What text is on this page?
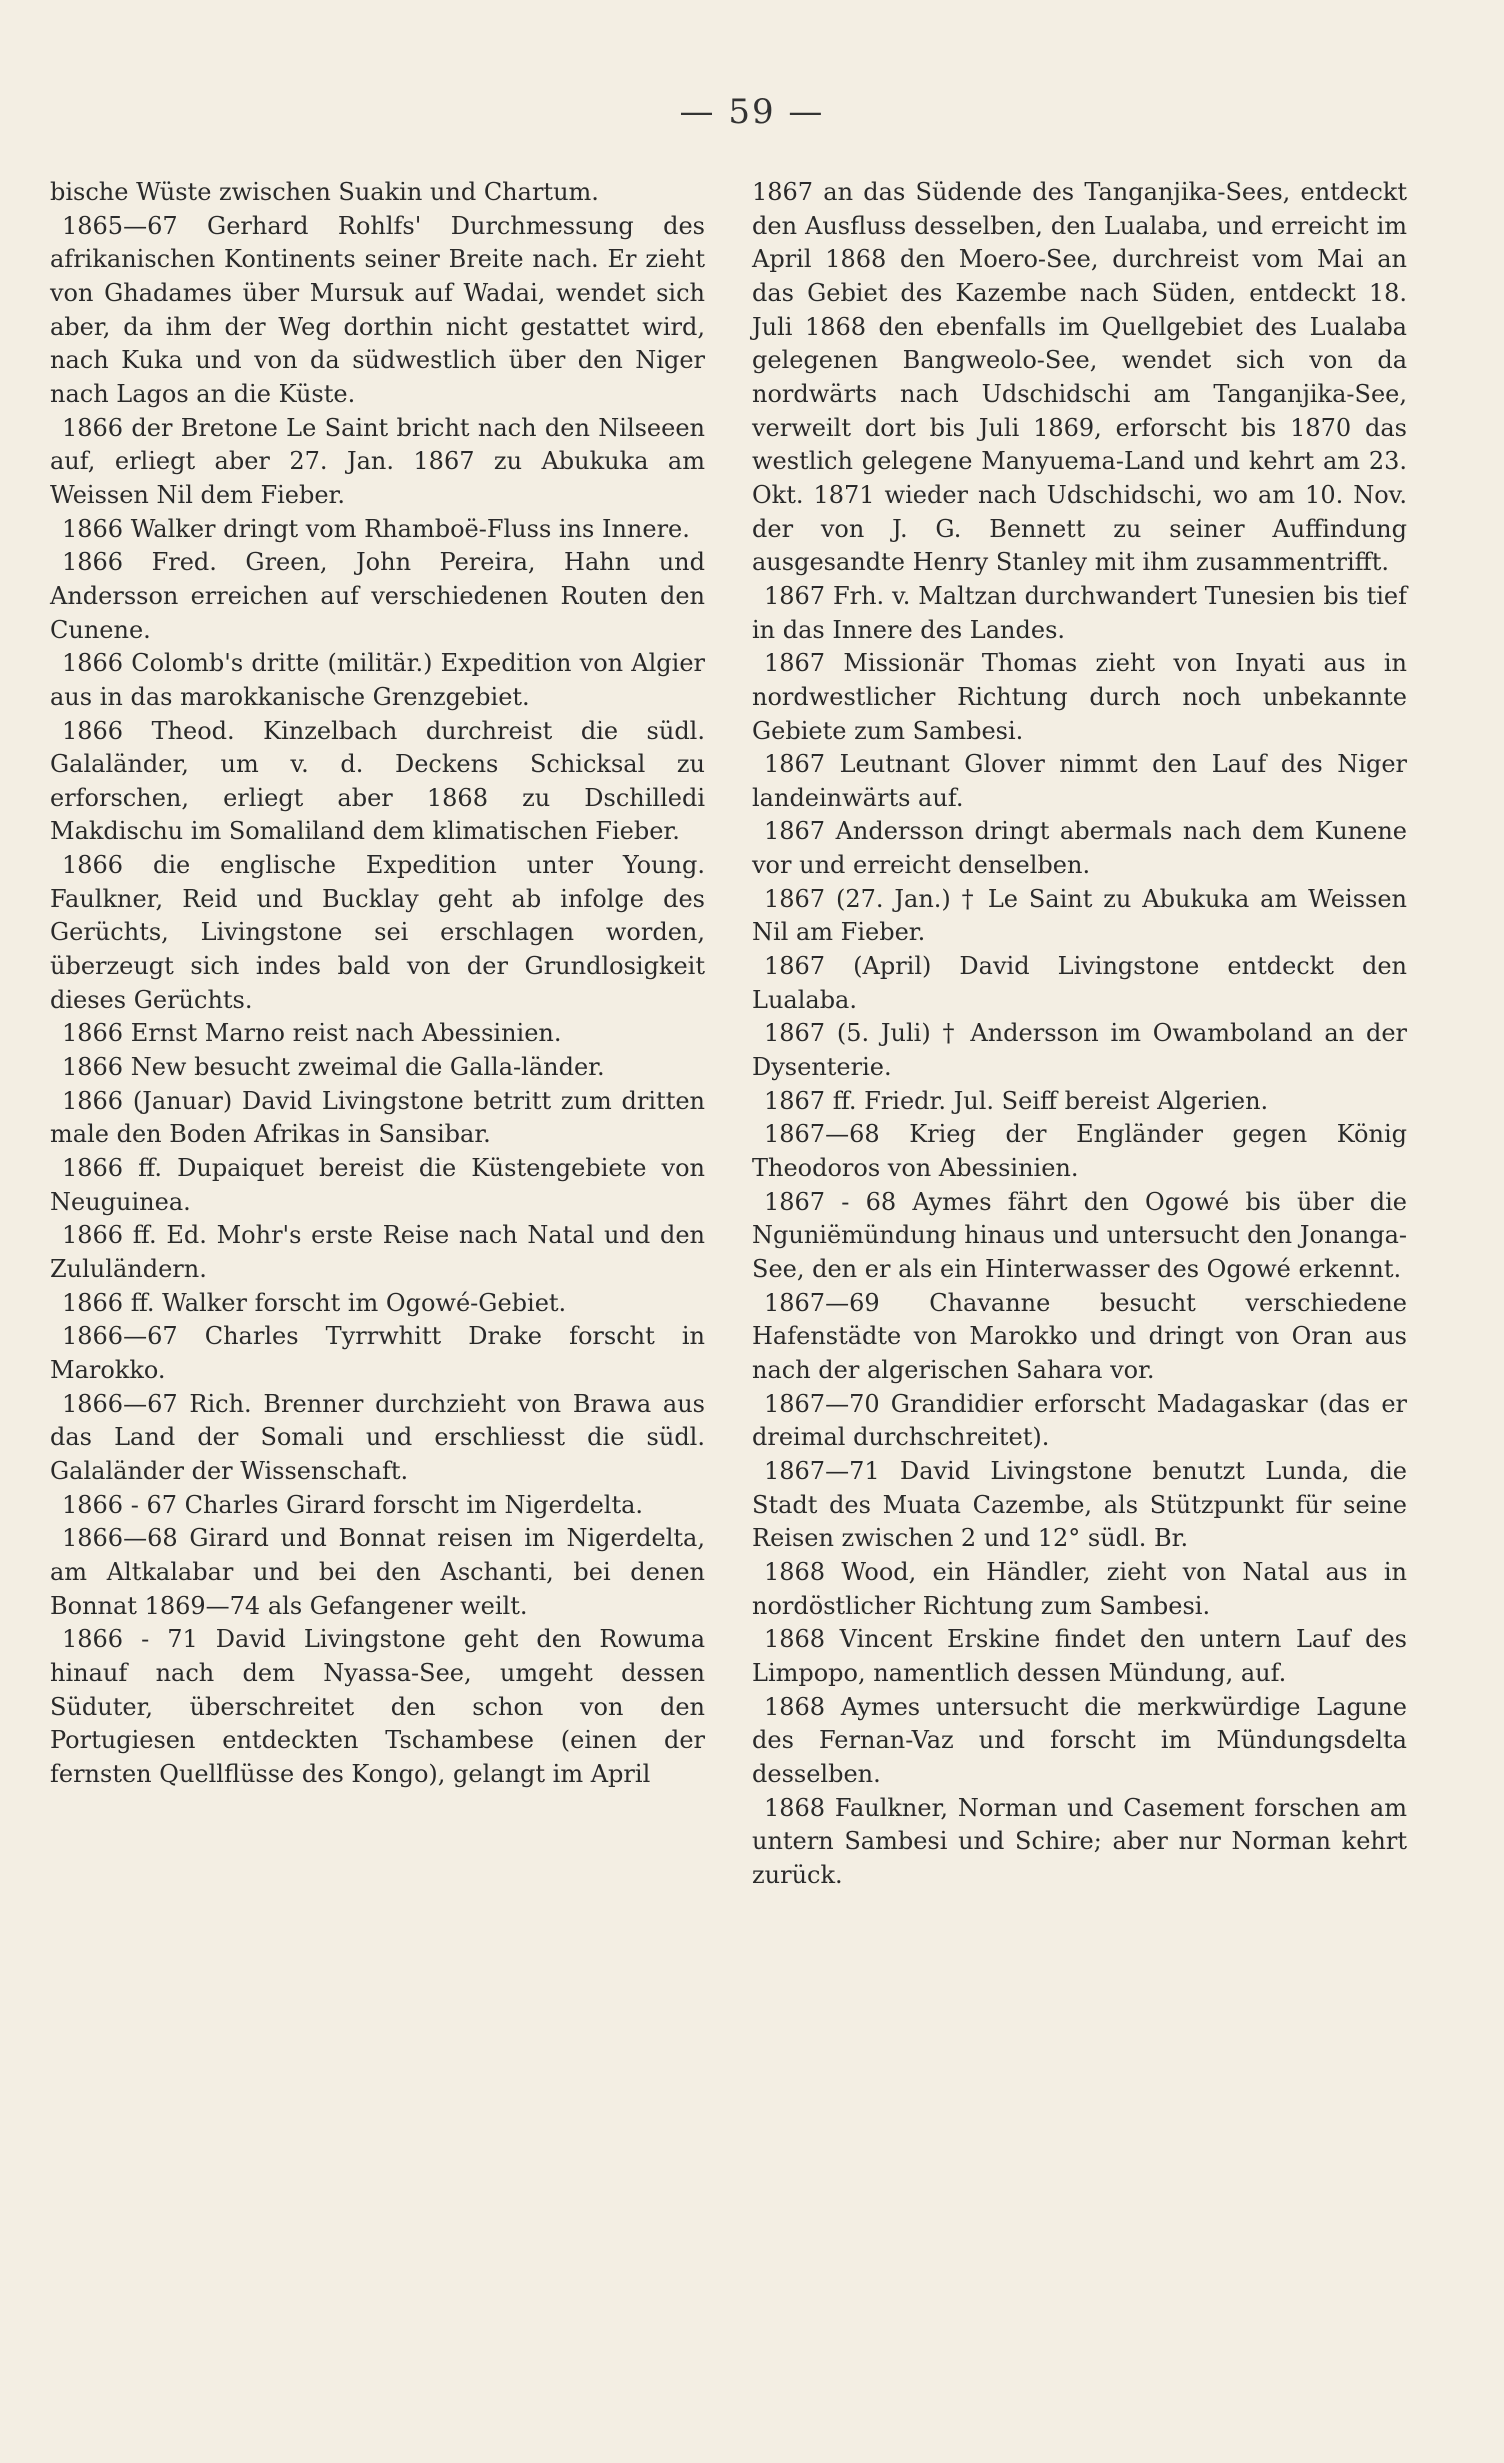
— 59 —

bische Wüste zwischen Suakin und Chartum.

1865—67 Gerhard Rohlfs' Durchmessung des afrikanischen Kontinents seiner Breite nach. Er zieht von Ghadames über Mursuk auf Wadai, wendet sich aber, da ihm der Weg dorthin nicht gestattet wird, nach Kuka und von da südwestlich über den Niger nach Lagos an die Küste.

1866 der Bretone Le Saint bricht nach den Nilseeen auf, erliegt aber 27. Jan. 1867 zu Abukuka am Weissen Nil dem Fieber.

1866 Walker dringt vom Rhamboë-Fluss ins Innere.

1866 Fred. Green, John Pereira, Hahn und Andersson erreichen auf verschiedenen Routen den Cunene.

1866 Colomb's dritte (militär.) Expedition von Algier aus in das marokkanische Grenzgebiet.

1866 Theod. Kinzelbach durchreist die südl. Galaländer, um v. d. Deckens Schicksal zu erforschen, erliegt aber 1868 zu Dschilledi Makdischu im Somaliland dem klimatischen Fieber.

1866 die englische Expedition unter Young. Faulkner, Reid und Bucklay geht ab infolge des Gerüchts, Livingstone sei erschlagen worden, überzeugt sich indes bald von der Grundlosigkeit dieses Gerüchts.

1866 Ernst Marno reist nach Abessinien.

1866 New besucht zweimal die Galla-länder.

1866 (Januar) David Livingstone betritt zum dritten male den Boden Afrikas in Sansibar.

1866 ff. Dupaiquet bereist die Küstengebiete von Neuguinea.

1866 ff. Ed. Mohr's erste Reise nach Natal und den Zululändern.

1866 ff. Walker forscht im Ogowé-Gebiet.

1866—67 Charles Tyrrwhitt Drake forscht in Marokko.

1866—67 Rich. Brenner durchzieht von Brawa aus das Land der Somali und erschliesst die südl. Galaländer der Wissenschaft.

1866 - 67 Charles Girard forscht im Nigerdelta.

1866—68 Girard und Bonnat reisen im Nigerdelta, am Altkalabar und bei den Aschanti, bei denen Bonnat 1869—74 als Gefangener weilt.

1866 - 71 David Livingstone geht den Rowuma hinauf nach dem Nyassa-See, umgeht dessen Süduter, überschreitet den schon von den Portugiesen entdeckten Tschambese (einen der fernsten Quellflüsse des Kongo), gelangt im April

1867 an das Südende des Tanganjika-Sees, entdeckt den Ausfluss desselben, den Lualaba, und erreicht im April 1868 den Moero-See, durchreist vom Mai an das Gebiet des Kazembe nach Süden, entdeckt 18. Juli 1868 den ebenfalls im Quellgebiet des Lualaba gelegenen Bangweolo-See, wendet sich von da nordwärts nach Udschidschi am Tanganjika-See, verweilt dort bis Juli 1869, erforscht bis 1870 das westlich gelegene Manyuema-Land und kehrt am 23. Okt. 1871 wieder nach Udschidschi, wo am 10. Nov. der von J. G. Bennett zu seiner Auffindung ausgesandte Henry Stanley mit ihm zusammentrifft.

1867 Frh. v. Maltzan durchwandert Tunesien bis tief in das Innere des Landes.

1867 Missionär Thomas zieht von Inyati aus in nordwestlicher Richtung durch noch unbekannte Gebiete zum Sambesi.

1867 Leutnant Glover nimmt den Lauf des Niger landeinwärts auf.

1867 Andersson dringt abermals nach dem Kunene vor und erreicht denselben.

1867 (27. Jan.) † Le Saint zu Abukuka am Weissen Nil am Fieber.

1867 (April) David Livingstone entdeckt den Lualaba.

1867 (5. Juli) † Andersson im Owamboland an der Dysenterie.

1867 ff. Friedr. Jul. Seiff bereist Algerien.

1867—68 Krieg der Engländer gegen König Theodoros von Abessinien.

1867 - 68 Aymes fährt den Ogowé bis über die Nguniëmündung hinaus und untersucht den Jonanga-See, den er als ein Hinterwasser des Ogowé erkennt.

1867—69 Chavanne besucht verschiedene Hafenstädte von Marokko und dringt von Oran aus nach der algerischen Sahara vor.

1867—70 Grandidier erforscht Madagaskar (das er dreimal durchschreitet).

1867—71 David Livingstone benutzt Lunda, die Stadt des Muata Cazembe, als Stützpunkt für seine Reisen zwischen 2 und 12° südl. Br.

1868 Wood, ein Händler, zieht von Natal aus in nordöstlicher Richtung zum Sambesi.

1868 Vincent Erskine findet den untern Lauf des Limpopo, namentlich dessen Mündung, auf.

1868 Aymes untersucht die merkwürdige Lagune des Fernan-Vaz und forscht im Mündungsdelta desselben.

1868 Faulkner, Norman und Casement forschen am untern Sambesi und Schire; aber nur Norman kehrt zurück.
